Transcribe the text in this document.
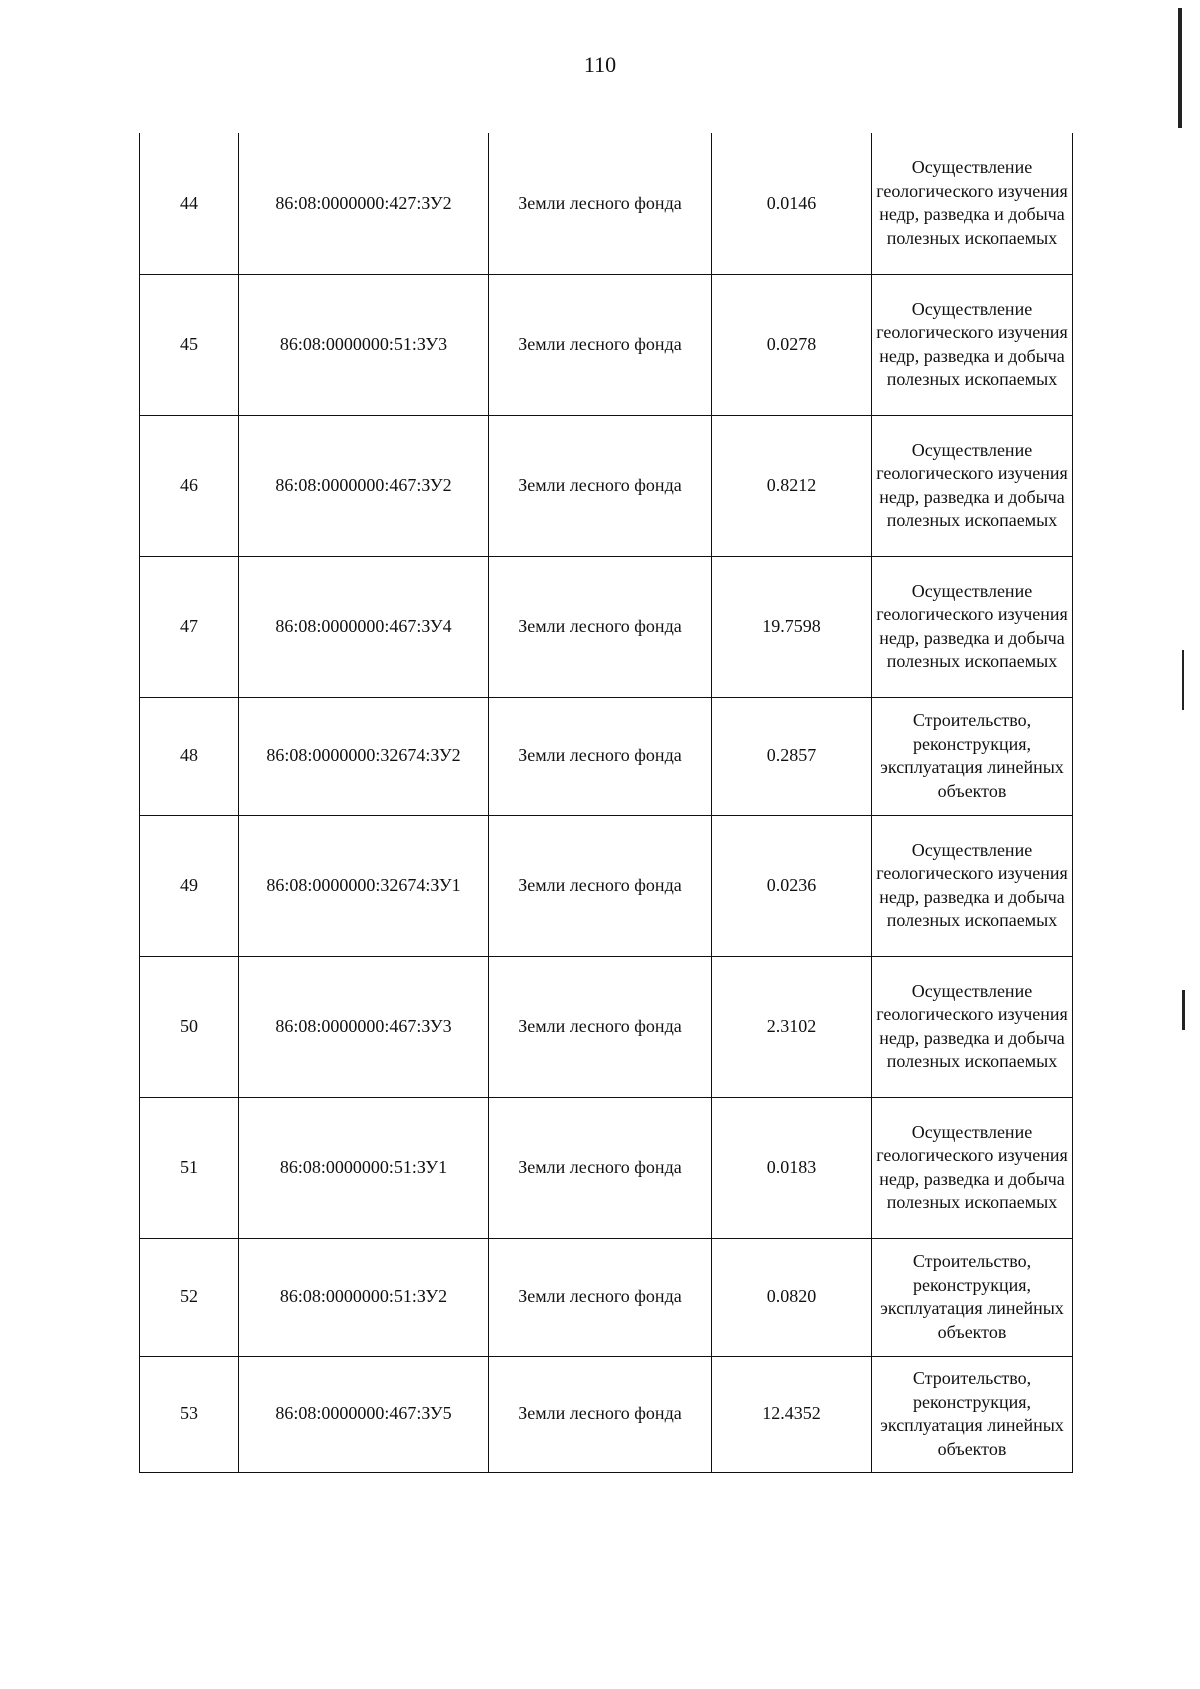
110
44	86:08:0000000:427:ЗУ2	Земли лесного фонда	0.0146	Осуществление геологического изучения недр, разведка и добыча полезных ископаемых
45	86:08:0000000:51:ЗУ3	Земли лесного фонда	0.0278	Осуществление геологического изучения недр, разведка и добыча полезных ископаемых
46	86:08:0000000:467:ЗУ2	Земли лесного фонда	0.8212	Осуществление геологического изучения недр, разведка и добыча полезных ископаемых
47	86:08:0000000:467:ЗУ4	Земли лесного фонда	19.7598	Осуществление геологического изучения недр, разведка и добыча полезных ископаемых
48	86:08:0000000:32674:ЗУ2	Земли лесного фонда	0.2857	Строительство, реконструкция, эксплуатация линейных объектов
49	86:08:0000000:32674:ЗУ1	Земли лесного фонда	0.0236	Осуществление геологического изучения недр, разведка и добыча полезных ископаемых
50	86:08:0000000:467:ЗУ3	Земли лесного фонда	2.3102	Осуществление геологического изучения недр, разведка и добыча полезных ископаемых
51	86:08:0000000:51:ЗУ1	Земли лесного фонда	0.0183	Осуществление геологического изучения недр, разведка и добыча полезных ископаемых
52	86:08:0000000:51:ЗУ2	Земли лесного фонда	0.0820	Строительство, реконструкция, эксплуатация линейных объектов
53	86:08:0000000:467:ЗУ5	Земли лесного фонда	12.4352	Строительство, реконструкция, эксплуатация линейных объектов
